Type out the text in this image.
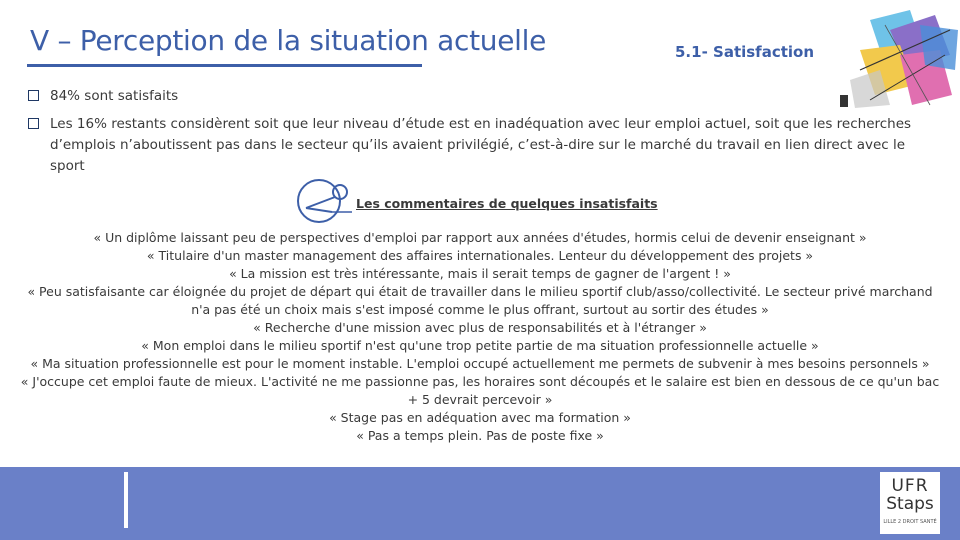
V – Perception de la situation actuelle	5.1- Satisfaction
84% sont satisfaits
Les 16% restants considèrent soit que leur niveau d’étude est en inadéquation avec leur emploi actuel, soit que les recherches d’emplois n’aboutissent pas dans le secteur qu’ils avaient privilégié, c’est-à-dire sur le marché du travail en lien direct avec le sport
Les commentaires de quelques insatisfaits

« Un diplôme laissant peu de perspectives d'emploi par rapport aux années d'études, hormis celui de devenir enseignant »

« Titulaire d'un master management des affaires internationales. Lenteur du développement des projets »

« La mission est très intéressante, mais il serait temps de gagner de l'argent ! »

« Peu satisfaisante car éloignée du projet de départ qui était de travailler dans le milieu sportif club/asso/collectivité. Le secteur privé marchand n'a pas été un choix mais s'est imposé comme le plus offrant, surtout au sortir des études »

« Recherche d'une mission avec plus de responsabilités et à l'étranger »

« Mon emploi dans le milieu sportif n'est qu'une trop petite partie de ma situation professionnelle actuelle »

« Ma situation professionnelle est pour le moment instable. L'emploi occupé actuellement me permets de subvenir à mes besoins personnels »

« J'occupe cet emploi faute de mieux. L'activité ne me passionne pas, les horaires sont découpés et le salaire est bien en dessous de ce qu'un bac + 5 devrait percevoir »

« Stage pas en adéquation avec ma formation »

« Pas a temps plein. Pas de poste fixe »

UFR
Staps
LILLE 2 DROIT SANTÉ
